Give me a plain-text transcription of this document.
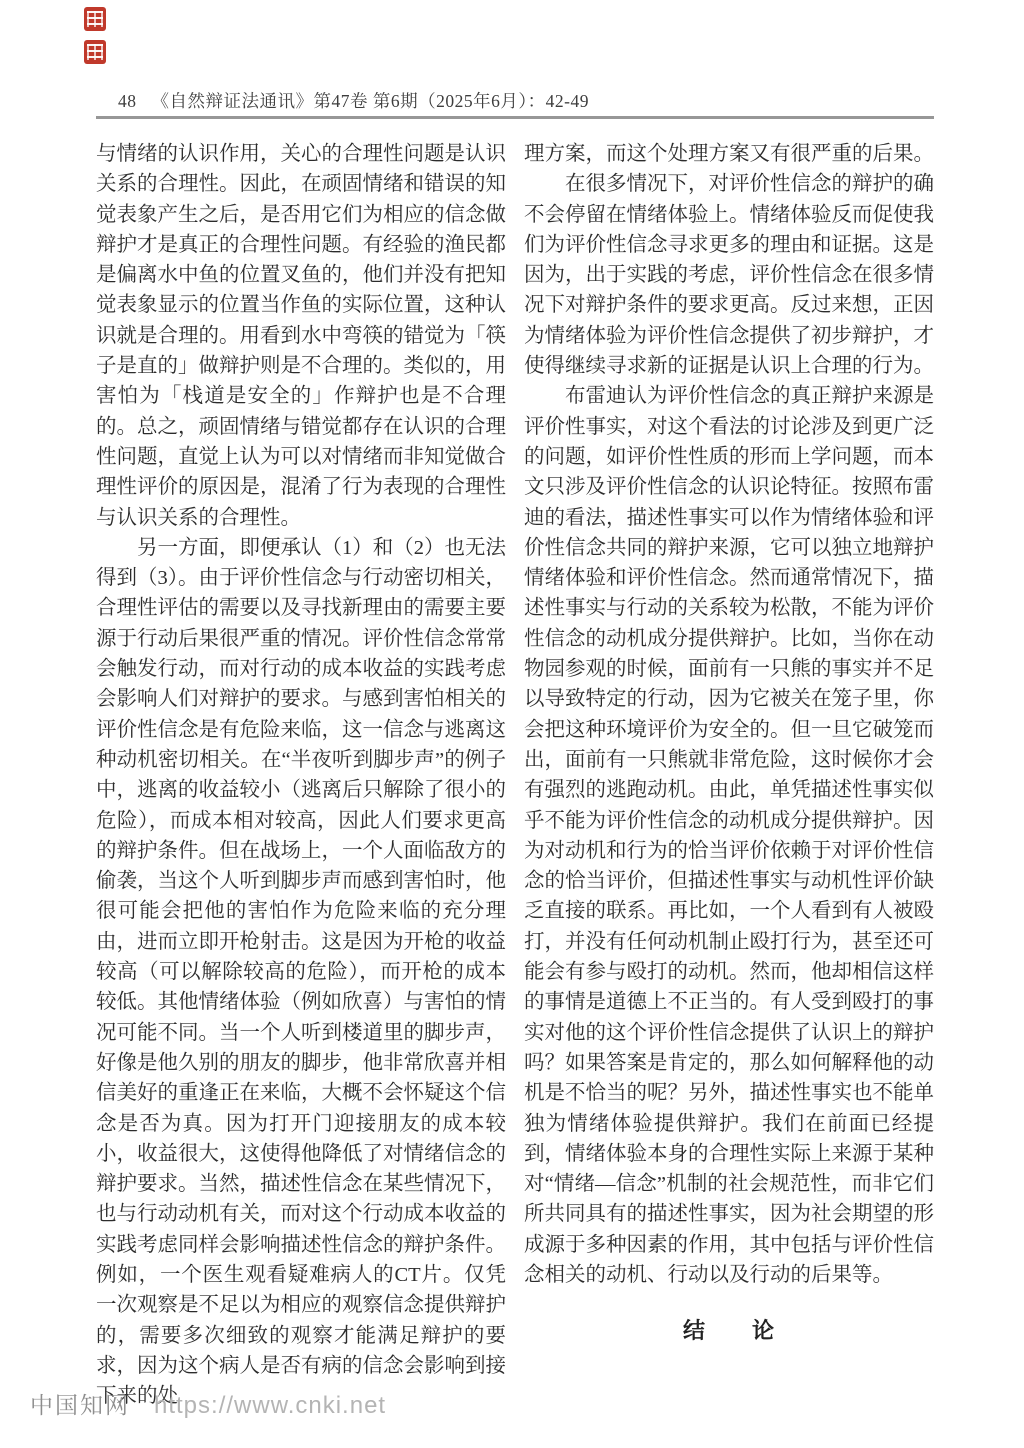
48 《自然辩证法通讯》第47卷 第6期（2025年6月）：42-49

与情绪的认识作用，关心的合理性问题是认识关系的合理性。因此，在顽固情绪和错误的知觉表象产生之后，是否用它们为相应的信念做辩护才是真正的合理性问题。有经验的渔民都是偏离水中鱼的位置叉鱼的，他们并没有把知觉表象显示的位置当作鱼的实际位置，这种认识就是合理的。用看到水中弯筷的错觉为「筷子是直的」做辩护则是不合理的。类似的，用害怕为「栈道是安全的」作辩护也是不合理的。总之，顽固情绪与错觉都存在认识的合理性问题，直觉上认为可以对情绪而非知觉做合理性评价的原因是，混淆了行为表现的合理性与认识关系的合理性。

另一方面，即便承认（1）和（2）也无法得到（3）。由于评价性信念与行动密切相关，合理性评估的需要以及寻找新理由的需要主要源于行动后果很严重的情况。评价性信念常常会触发行动，而对行动的成本收益的实践考虑会影响人们对辩护的要求。与感到害怕相关的评价性信念是有危险来临，这一信念与逃离这种动机密切相关。在“半夜听到脚步声”的例子中，逃离的收益较小（逃离后只解除了很小的危险），而成本相对较高，因此人们要求更高的辩护条件。但在战场上，一个人面临敌方的偷袭，当这个人听到脚步声而感到害怕时，他很可能会把他的害怕作为危险来临的充分理由，进而立即开枪射击。这是因为开枪的收益较高（可以解除较高的危险），而开枪的成本较低。其他情绪体验（例如欣喜）与害怕的情况可能不同。当一个人听到楼道里的脚步声，好像是他久别的朋友的脚步，他非常欣喜并相信美好的重逢正在来临，大概不会怀疑这个信念是否为真。因为打开门迎接朋友的成本较小，收益很大，这使得他降低了对情绪信念的辩护要求。当然，描述性信念在某些情况下，也与行动动机有关，而对这个行动成本收益的实践考虑同样会影响描述性信念的辩护条件。例如，一个医生观看疑难病人的CT片。仅凭一次观察是不足以为相应的观察信念提供辩护的，需要多次细致的观察才能满足辩护的要求，因为这个病人是否有病的信念会影响到接下来的处

理方案，而这个处理方案又有很严重的后果。

在很多情况下，对评价性信念的辩护的确不会停留在情绪体验上。情绪体验反而促使我们为评价性信念寻求更多的理由和证据。这是因为，出于实践的考虑，评价性信念在很多情况下对辩护条件的要求更高。反过来想，正因为情绪体验为评价性信念提供了初步辩护，才使得继续寻求新的证据是认识上合理的行为。

布雷迪认为评价性信念的真正辩护来源是评价性事实，对这个看法的讨论涉及到更广泛的问题，如评价性性质的形而上学问题，而本文只涉及评价性信念的认识论特征。按照布雷迪的看法，描述性事实可以作为情绪体验和评价性信念共同的辩护来源，它可以独立地辩护情绪体验和评价性信念。然而通常情况下，描述性事实与行动的关系较为松散，不能为评价性信念的动机成分提供辩护。比如，当你在动物园参观的时候，面前有一只熊的事实并不足以导致特定的行动，因为它被关在笼子里，你会把这种环境评价为安全的。但一旦它破笼而出，面前有一只熊就非常危险，这时候你才会有强烈的逃跑动机。由此，单凭描述性事实似乎不能为评价性信念的动机成分提供辩护。因为对动机和行为的恰当评价依赖于对评价性信念的恰当评价，但描述性事实与动机性评价缺乏直接的联系。再比如，一个人看到有人被殴打，并没有任何动机制止殴打行为，甚至还可能会有参与殴打的动机。然而，他却相信这样的事情是道德上不正当的。有人受到殴打的事实对他的这个评价性信念提供了认识上的辩护吗？如果答案是肯定的，那么如何解释他的动机是不恰当的呢？另外，描述性事实也不能单独为情绪体验提供辩护。我们在前面已经提到，情绪体验本身的合理性实际上来源于某种对“情绪—信念”机制的社会规范性，而非它们所共同具有的描述性事实，因为社会期望的形成源于多种因素的作用，其中包括与评价性信念相关的动机、行动以及行动的后果等。

结　　论
中国知网 https://www.cnki.net
